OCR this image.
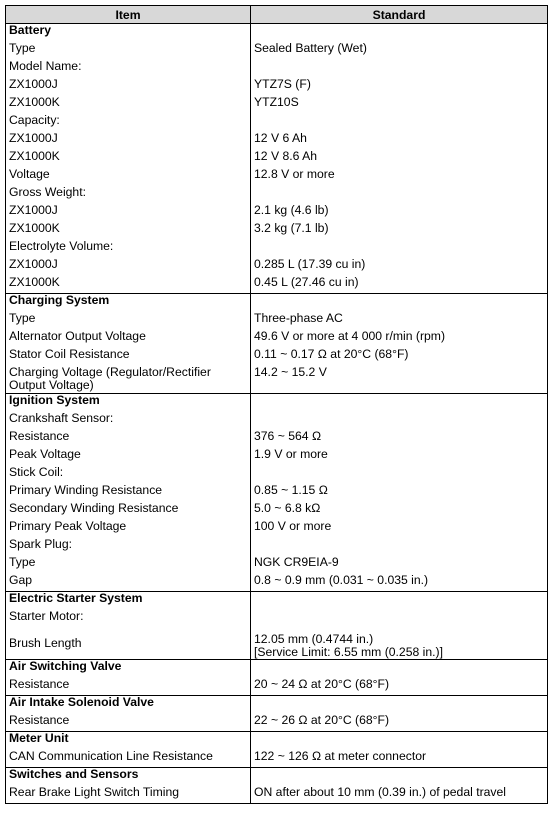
Item	Standard
Battery	
Type	Sealed Battery (Wet)
Model Name:	
ZX1000J	YTZ7S (F)
ZX1000K	YTZ10S
Capacity:	
ZX1000J	12 V 6 Ah
ZX1000K	12 V 8.6 Ah
Voltage	12.8 V or more
Gross Weight:	
ZX1000J	2.1 kg (4.6 lb)
ZX1000K	3.2 kg (7.1 lb)
Electrolyte Volume:	
ZX1000J	0.285 L (17.39 cu in)
ZX1000K	0.45 L (27.46 cu in)
Charging System	
Type	Three-phase AC
Alternator Output Voltage	49.6 V or more at 4 000 r/min (rpm)
Stator Coil Resistance	0.11 ~ 0.17 Ω at 20°C (68°F)
Charging Voltage (Regulator/Rectifier Output Voltage)	14.2 ~ 15.2 V
Ignition System	
Crankshaft Sensor:	
Resistance	376 ~ 564 Ω
Peak Voltage	1.9 V or more
Stick Coil:	
Primary Winding Resistance	0.85 ~ 1.15 Ω
Secondary Winding Resistance	5.0 ~ 6.8 kΩ
Primary Peak Voltage	100 V or more
Spark Plug:	
Type	NGK CR9EIA-9
Gap	0.8 ~ 0.9 mm (0.031 ~ 0.035 in.)
Electric Starter System	
Starter Motor:	
Brush Length	12.05 mm (0.4744 in.)
[Service Limit: 6.55 mm (0.258 in.)]

Air Switching Valve	
Resistance	20 ~ 24 Ω at 20°C (68°F)
Air Intake Solenoid Valve	
Resistance	22 ~ 26 Ω at 20°C (68°F)
Meter Unit	
CAN Communication Line Resistance	122 ~ 126 Ω at meter connector
Switches and Sensors	
Rear Brake Light Switch Timing	ON after about 10 mm (0.39 in.) of pedal travel
